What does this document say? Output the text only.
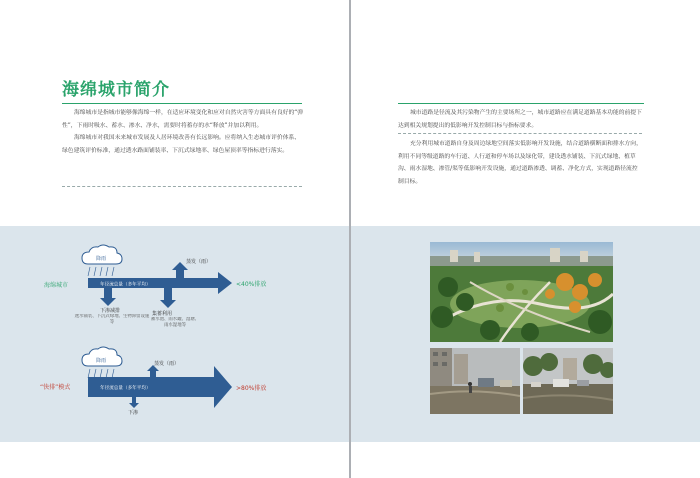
海绵城市简介

海绵城市是指城市能够像海绵一样，在适应环境变化和应对自然灾害等方面具有良好的“弹性”，下雨时吸水、蓄水、渗水、净水，需要时将蓄存的水“释放”并加以利用。

海绵城市对我国未来城市发展及人居环境改善有长远影响。应将纳入生态城市评价体系、绿色建筑评价标准，通过透水路面铺装率、下沉式绿地率、绿色屋顶率等指标进行落实。

城市道路是径流及其污染物产生的主要场所之一，城市道路应在满足道路基本功能的前提下达到相关规划提出的低影响开发控制目标与指标要求。

充分利用城市道路自身及周边绿地空间落实低影响开发设施，结合道路横断面和排水方向，利用不同等级道路的车行道、人行道和停车场以及绿化带，建设透水铺装、下沉式绿地、植草沟、雨水湿地、渗管/渠等低影响开发设施，通过道路渗透、调蓄、净化方式，实现道路径流控制目标。

降雨
年径流总量（多年平均）
蒸发（雨）
下渗减排	集蓄利用
透水铺装、下沉式绿地、生物滞留设施等
蓄水池、雨水罐、湿塘、雨水湿地等
海绵城市	<40%排放
降雨
年径流总量（多年平均）
蒸发（雨）
下渗
“快排”模式	>80%排放
